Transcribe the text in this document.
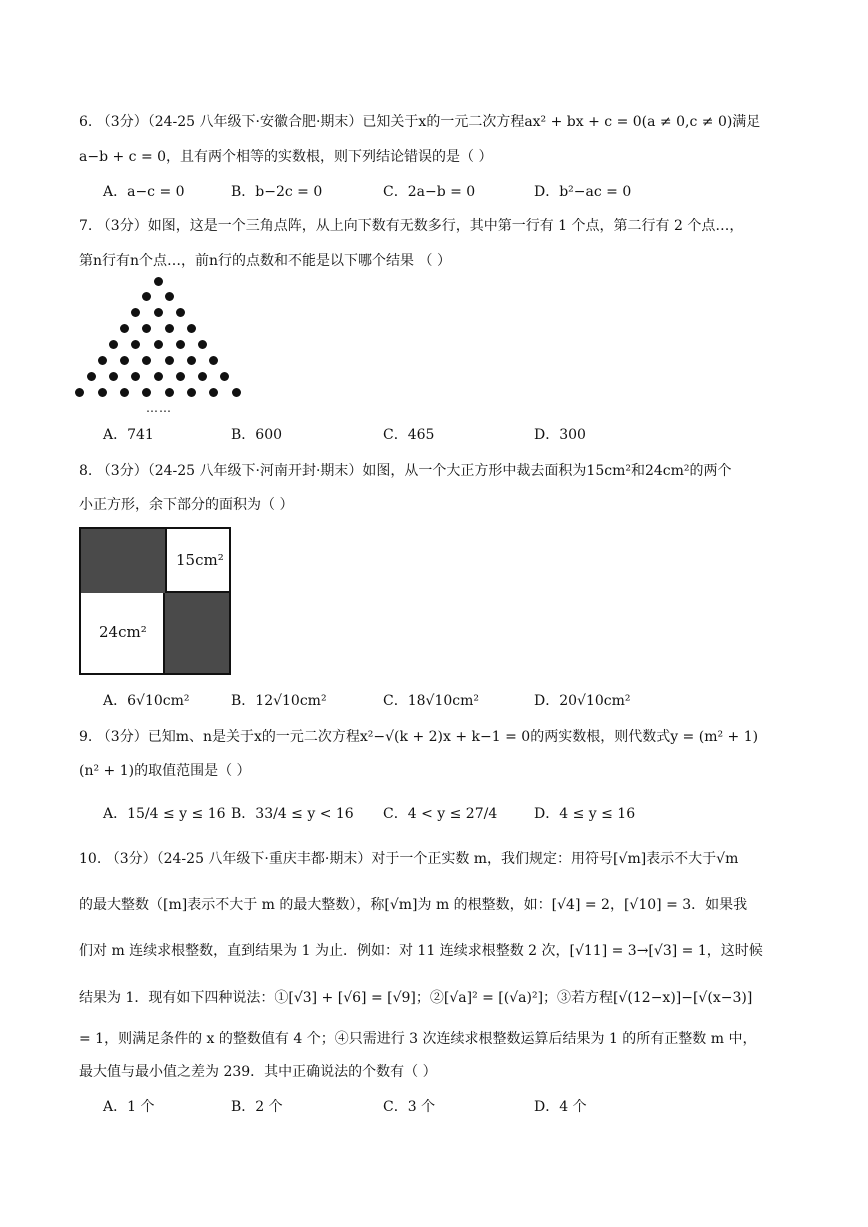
6. （3分）（24-25 八年级下·安徽合肥·期末）已知关于x的一元二次方程ax² + bx + c = 0(a ≠ 0,c ≠ 0)满足
a−b + c = 0，且有两个相等的实数根，则下列结论错误的是（ ）
A．a−c = 0	B．b−2c = 0	C．2a−b = 0	D．b²−ac = 0
7. （3分）如图，这是一个三角点阵，从上向下数有无数多行，其中第一行有 1 个点，第二行有 2 个点…，
第n行有n个点…，前n行的点数和不能是以下哪个结果 （ ）
……
A．741	B．600	C．465	D．300
8. （3分）（24-25 八年级下·河南开封·期末）如图，从一个大正方形中裁去面积为15cm²和24cm²的两个
小正方形，余下部分的面积为（ ）
15cm²
24cm²
A．6√10cm²	B．12√10cm²	C．18√10cm²	D．20√10cm²
9. （3分）已知m、n是关于x的一元二次方程x²−√(k + 2)x + k−1 = 0的两实数根，则代数式y = (m² + 1)
(n² + 1)的取值范围是（ ）
A．15/4 ≤ y ≤ 16 B．33/4 ≤ y < 16 C．4 < y ≤ 27/4	D．4 ≤ y ≤ 16
10. （3分）（24-25 八年级下·重庆丰都·期末）对于一个正实数 m，我们规定：用符号[√m]表示不大于√m
的最大整数（[m]表示不大于 m 的最大整数），称[√m]为 m 的根整数，如：[√4] = 2，[√10] = 3．如果我
们对 m 连续求根整数，直到结果为 1 为止．例如：对 11 连续求根整数 2 次，[√11] = 3→[√3] = 1，这时候
结果为 1．现有如下四种说法：①[√3] + [√6] = [√9]；②[√a]² = [(√a)²]；③若方程[√(12−x)]−[√(x−3)]
= 1，则满足条件的 x 的整数值有 4 个；④只需进行 3 次连续求根整数运算后结果为 1 的所有正整数 m 中，
最大值与最小值之差为 239．其中正确说法的个数有（ ）
A．1 个	B．2 个	C．3 个	D．4 个
